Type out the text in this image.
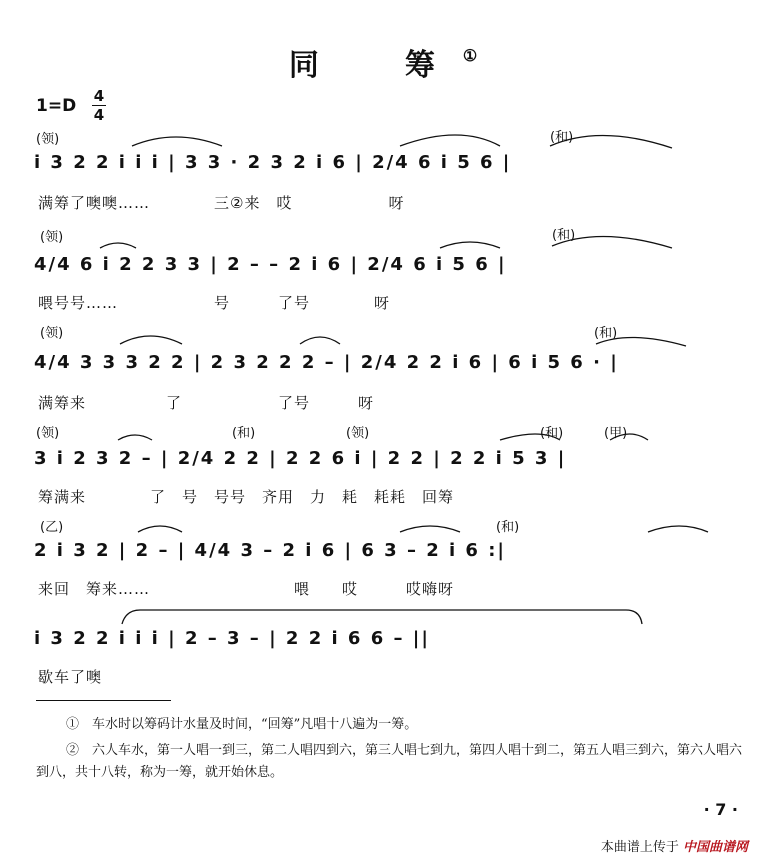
同　筹①
1=D 4
4
(领)	(和)
(领)	(和)
(领)	(和)
(领)	(和)	(领)	(和)	(甲)
(乙)	(和)
i 3 2 2 i i i | 3 3 · 2 3 2 i 6 | 2/4 6 i 5 6 |
满筹了噢噢……　　　　三②来　哎　　　　　　呀
4/4 6 i 2 2 3 3 | 2 – – 2 i 6 | 2/4 6 i 5 6 |
喂号号……　　　　　　号　　　了号　　　　呀
4/4 3 3 3 2 2 | 2 3 2 2 2 – | 2/4 2 2 i 6 | 6 i 5 6 · |
满筹来　　　　　了　　　　　　了号　　　呀
3 i 2 3 2 – | 2/4 2 2 | 2 2 6 i | 2 2 | 2 2 i 5 3 |
筹满来　　　　了　号　号号　齐用　力　耗　耗耗　回筹
2 i 3 2 | 2 – | 4/4 3 – 2 i 6 | 6 3 – 2 i 6 :|
来回　筹来……　　　　　　　　　喂　　哎　　　哎嗨呀
i 3 2 2 i i i | 2 – 3 – | 2 2 i 6 6 – ||
歇车了噢
①　车水时以筹码计水量及时间，“回筹”凡唱十八遍为一筹。
②　六人车水，第一人唱一到三，第二人唱四到六，第三人唱七到九，第四人唱十到二，第五人唱三到六，第六人唱六到八，共十八转，称为一筹，就开始休息。
· 7 ·
本曲谱上传于 中国曲谱网
